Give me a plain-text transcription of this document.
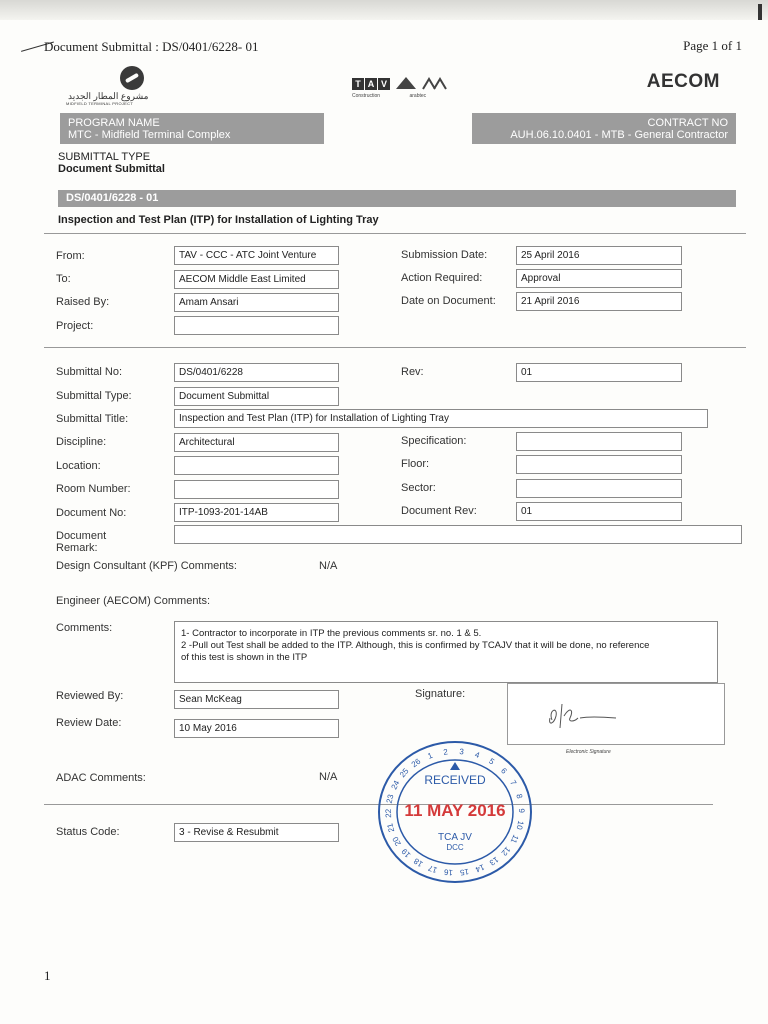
Document Submittal : DS/0401/6228- 01	Page 1 of 1
مشروع المطار الجديد
MIDFIELD TERMINAL PROJECT
T A V
Construction	arabtec
AECOM
PROGRAM NAME
MTC - Midfield Terminal Complex
CONTRACT NO
AUH.06.10.0401 - MTB - General Contractor
SUBMITTAL TYPE
Document Submittal
DS/0401/6228 - 01
Inspection and Test Plan (ITP) for Installation of Lighting Tray
From:	TAV - CCC - ATC Joint Venture
To:	AECOM Middle East Limited
Raised By:	Amam Ansari
Project:
Submission Date:	25 April 2016
Action Required:	Approval
Date on Document:	21 April 2016
Submittal No:	DS/0401/6228
Submittal Type:	Document Submittal
Submittal Title:	Inspection and Test Plan (ITP) for Installation of Lighting Tray
Discipline:	Architectural
Location:
Room Number:
Document No:	ITP-1093-201-14AB
Document
Remark:
Rev:	01
Specification:
Floor:
Sector:
Document Rev:	01
Design Consultant (KPF) Comments:	N/A
Engineer (AECOM) Comments:
Comments:	1- Contractor to incorporate in ITP the previous comments sr. no. 1 & 5.
2 -Pull out Test shall be added to the ITP. Although, this is confirmed by TCAJV that it will be done, no reference
of this test is shown in the ITP
Reviewed By:	Sean McKeag
Review Date:	10 May 2016
Signature:
Electronic Signature
ADAC Comments:	N/A
Status Code:	3 - Revise & Resubmit
1 2 3 4
5
6
7
8
9
10
11
12
13
14
15
16
17
18
19
20
21
22
23
24
25
26
RECEIVED
11 MAY 2016
TCA JV
DCC
1
